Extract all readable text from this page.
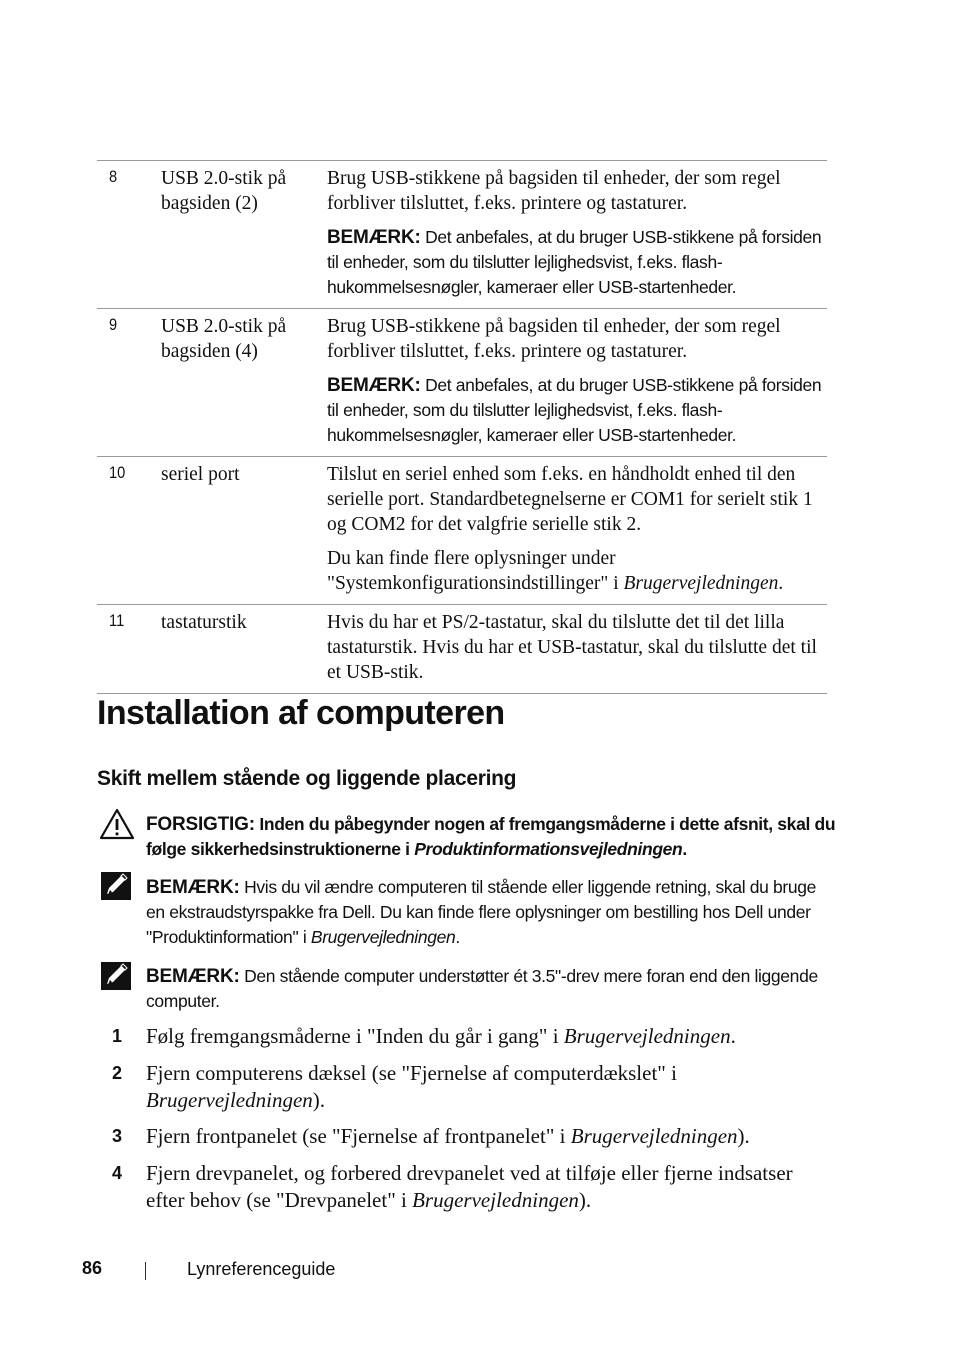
8	USB 2.0-stik på bagsiden (2)	Brug USB-stikkene på bagsiden til enheder, der som regel forbliver tilsluttet, f.eks. printere og tastaturer.

BEMÆRK: Det anbefales, at du bruger USB-stikkene på forsiden til enheder, som du tilslutter lejlighedsvist, f.eks. flash-hukommelsesnøgler, kameraer eller USB-startenheder.

9	USB 2.0-stik på bagsiden (4)	Brug USB-stikkene på bagsiden til enheder, der som regel forbliver tilsluttet, f.eks. printere og tastaturer.

BEMÆRK: Det anbefales, at du bruger USB-stikkene på forsiden til enheder, som du tilslutter lejlighedsvist, f.eks. flash-hukommelsesnøgler, kameraer eller USB-startenheder.

10	seriel port	Tilslut en seriel enhed som f.eks. en håndholdt enhed til den serielle port. Standardbetegnelserne er COM1 for serielt stik 1 og COM2 for det valgfrie serielle stik 2.

Du kan finde flere oplysninger under "Systemkonfigurationsindstillinger" i Brugervejledningen.

11	tastaturstik	Hvis du har et PS/2-tastatur, skal du tilslutte det til det lilla tastaturstik. Hvis du har et USB-tastatur, skal du tilslutte det til et USB-stik.

Installation af computeren
Skift mellem stående og liggende placering
FORSIGTIG: Inden du påbegynder nogen af fremgangsmåderne i dette afsnit, skal du følge sikkerhedsinstruktionerne i Produktinformationsvejledningen.
BEMÆRK: Hvis du vil ændre computeren til stående eller liggende retning, skal du bruge en ekstraudstyrspakke fra Dell. Du kan finde flere oplysninger om bestilling hos Dell under "Produktinformation" i Brugervejledningen.
BEMÆRK: Den stående computer understøtter ét 3.5"-drev mere foran end den liggende computer.
1 Følg fremgangsmåderne i "Inden du går i gang" i Brugervejledningen.
2 Fjern computerens dæksel (se "Fjernelse af computerdækslet" i Brugervejledningen).
3 Fjern frontpanelet (se "Fjernelse af frontpanelet" i Brugervejledningen).
4 Fjern drevpanelet, og forbered drevpanelet ved at tilføje eller fjerne indsatser efter behov (se "Drevpanelet" i Brugervejledningen).
86	Lynreferenceguide
